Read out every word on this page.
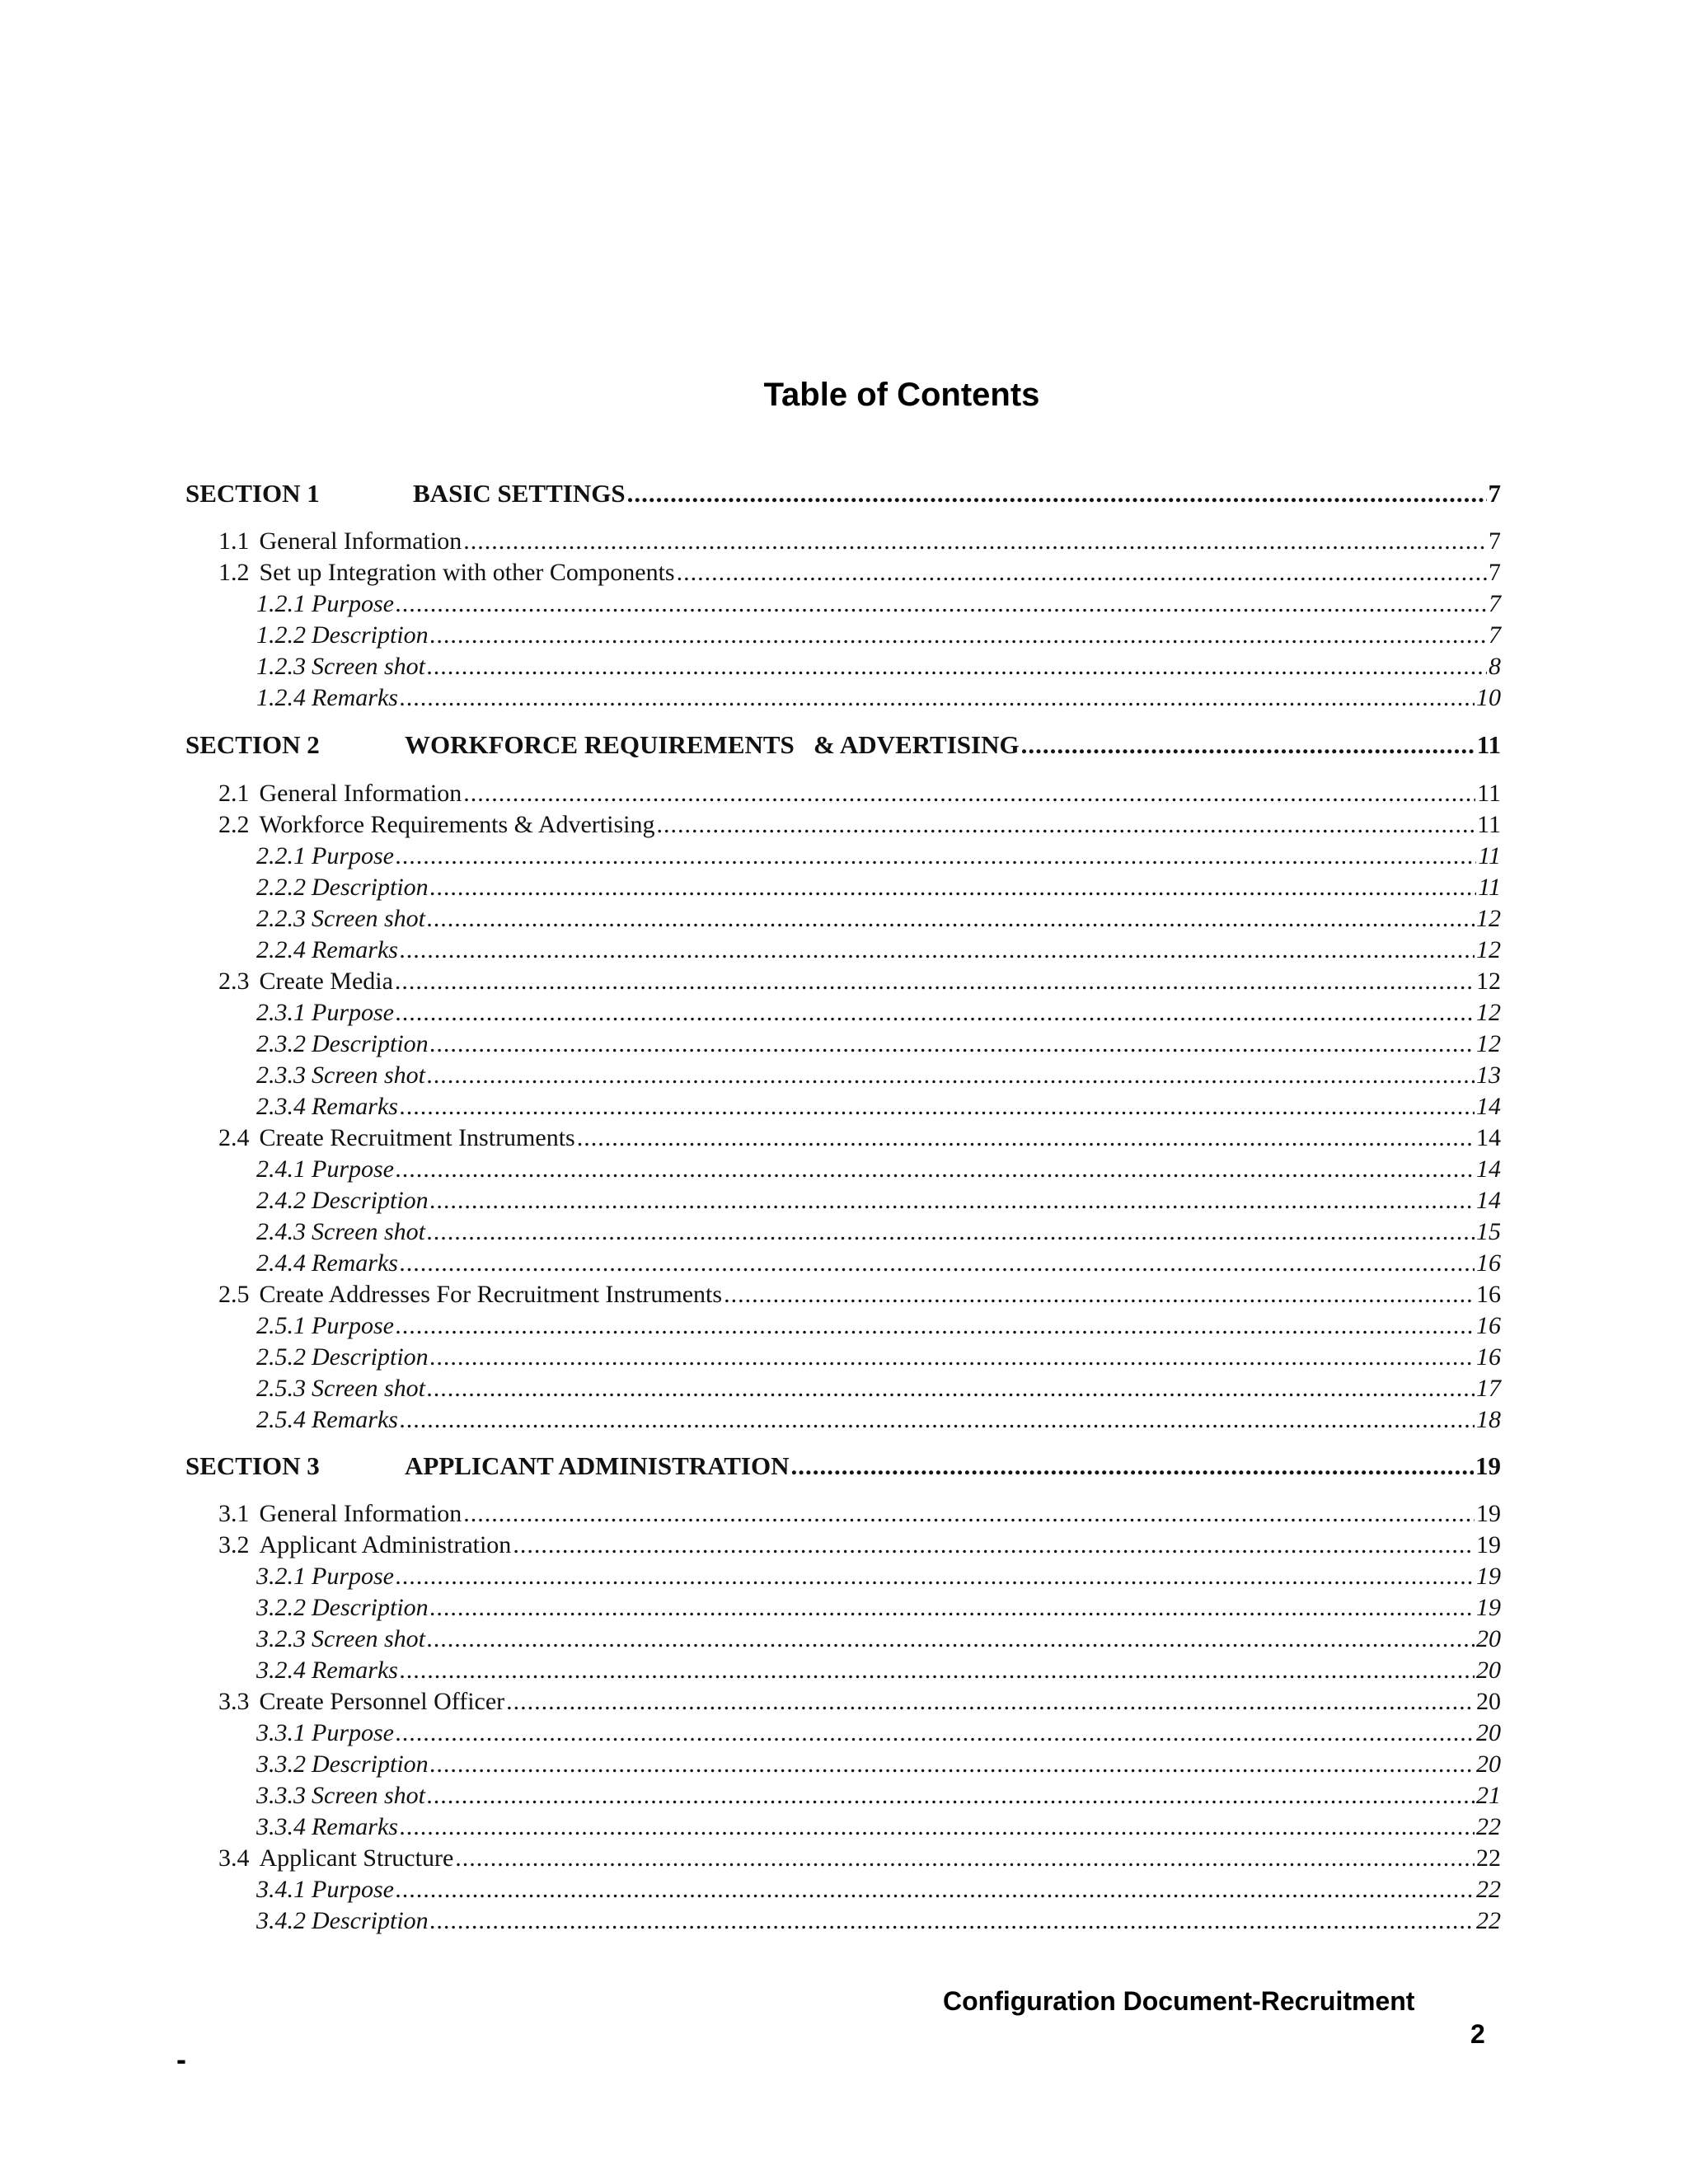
Table of Contents
SECTION 1	BASIC SETTINGS .....	7
1.1 General Information .....	7
1.2 Set up Integration with other Components .....	7
1.2.1 Purpose .....	7
1.2.2 Description .....	7
1.2.3 Screen shot .....	8
1.2.4 Remarks .....	10
SECTION 2	WORKFORCE REQUIREMENTS   & ADVERTISING .....	11
2.1 General Information .....	11
2.2 Workforce Requirements & Advertising .....	11
2.2.1 Purpose .....	11
2.2.2 Description .....	11
2.2.3 Screen shot .....	12
2.2.4 Remarks .....	12
2.3 Create Media .....	12
2.3.1 Purpose .....	12
2.3.2 Description .....	12
2.3.3 Screen shot .....	13
2.3.4 Remarks .....	14
2.4 Create Recruitment Instruments .....	14
2.4.1 Purpose .....	14
2.4.2 Description .....	14
2.4.3 Screen shot .....	15
2.4.4 Remarks .....	16
2.5 Create Addresses For Recruitment Instruments .....	16
2.5.1 Purpose .....	16
2.5.2 Description .....	16
2.5.3 Screen shot .....	17
2.5.4 Remarks .....	18
SECTION 3	APPLICANT ADMINISTRATION .....	19
3.1 General Information .....	19
3.2 Applicant Administration .....	19
3.2.1 Purpose .....	19
3.2.2 Description .....	19
3.2.3 Screen shot .....	20
3.2.4 Remarks .....	20
3.3 Create Personnel Officer .....	20
3.3.1 Purpose .....	20
3.3.2 Description .....	20
3.3.3 Screen shot .....	21
3.3.4 Remarks .....	22
3.4 Applicant Structure .....	22
3.4.1 Purpose .....	22
3.4.2 Description .....	22
Configuration Document-Recruitment
2
-
